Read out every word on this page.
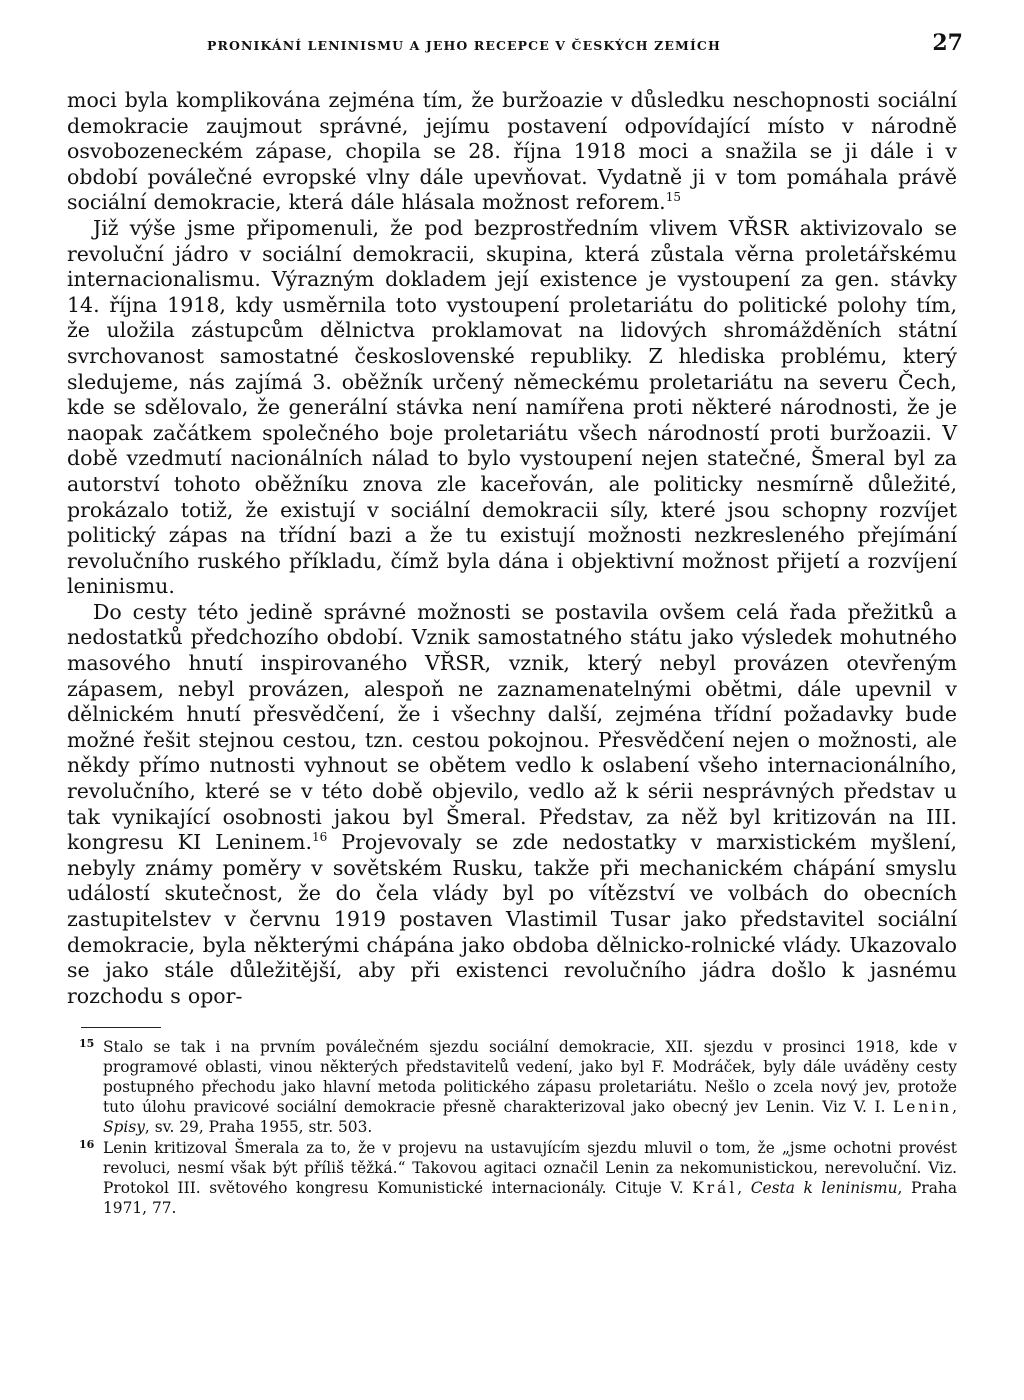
PRONIKÁNÍ LENINISMU A JEHO RECEPCE V ČESKÝCH ZEMÍCH	27

moci byla komplikována zejména tím, že buržoazie v důsledku neschopnosti sociální demokracie zaujmout správné, jejímu postavení odpovídající místo v národně osvobozeneckém zápase, chopila se 28. října 1918 moci a snažila se ji dále i v období poválečné evropské vlny dále upevňovat. Vydatně ji v tom pomáhala právě sociální demokracie, která dále hlásala možnost reforem.$^{15}$

Již výše jsme připomenuli, že pod bezprostředním vlivem VŘSR aktivizovalo se revoluční jádro v sociální demokracii, skupina, která zůstala věrna proletářskému internacionalismu. Výrazným dokladem její existence je vystoupení za gen. stávky 14. října 1918, kdy usměrnila toto vystoupení proletariátu do politické polohy tím, že uložila zástupcům dělnictva proklamovat na lidových shromážděních státní svrchovanost samostatné československé republiky. Z hlediska problému, který sledujeme, nás zajímá 3. oběžník určený německému proletariátu na severu Čech, kde se sdělovalo, že generální stávka není namířena proti některé národnosti, že je naopak začátkem společného boje proletariátu všech národností proti buržoazii. V době vzedmutí nacionálních nálad to bylo vystoupení nejen statečné, Šmeral byl za autorství tohoto oběžníku znova zle kaceřován, ale politicky nesmírně důležité, prokázalo totiž, že existují v sociální demokracii síly, které jsou schopny rozvíjet politický zápas na třídní bazi a že tu existují možnosti nezkresleného přejímání revolučního ruského příkladu, čímž byla dána i objektivní možnost přijetí a rozvíjení leninismu.

Do cesty této jedině správné možnosti se postavila ovšem celá řada přežitků a nedostatků předchozího období. Vznik samostatného státu jako výsledek mohutného masového hnutí inspirovaného VŘSR, vznik, který nebyl provázen otevřeným zápasem, nebyl provázen, alespoň ne zaznamenatelnými obětmi, dále upevnil v dělnickém hnutí přesvědčení, že i všechny další, zejména třídní požadavky bude možné řešit stejnou cestou, tzn. cestou pokojnou. Přesvědčení nejen o možnosti, ale někdy přímo nutnosti vyhnout se obětem vedlo k oslabení všeho internacionálního, revolučního, které se v této době objevilo, vedlo až k sérii nesprávných představ u tak vynikající osobnosti jakou byl Šmeral. Představ, za něž byl kritizován na III. kongresu KI Leninem.$^{16}$ Projevovaly se zde nedostatky v marxistickém myšlení, nebyly známy poměry v sovětském Rusku, takže při mechanickém chápání smyslu událostí skutečnost, že do čela vlády byl po vítězství ve volbách do obecních zastupitelstev v červnu 1919 postaven Vlastimil Tusar jako představitel sociální demokracie, byla některými chápána jako obdoba dělnicko-rolnické vlády. Ukazovalo se jako stále důležitější, aby při existenci revolučního jádra došlo k jasnému rozchodu s opor-

15 Stalo se tak i na prvním poválečném sjezdu sociální demokracie, XII. sjezdu v prosinci 1918, kde v programové oblasti, vinou některých představitelů vedení, jako byl F. Modráček, byly dále uváděny cesty postupného přechodu jako hlavní metoda politického zápasu proletariátu. Nešlo o zcela nový jev, protože tuto úlohu pravicové sociální demokracie přesně charakterizoval jako obecný jev Lenin. Viz V. I. Lenin, Spisy, sv. 29, Praha 1955, str. 503.

16 Lenin kritizoval Šmerala za to, že v projevu na ustavujícím sjezdu mluvil o tom, že „jsme ochotni provést revoluci, nesmí však být příliš těžká.“ Takovou agitaci označil Lenin za nekomunistickou, nerevoluční. Viz. Protokol III. světového kongresu Komunistické internacionály. Cituje V. Král, Cesta k leninismu, Praha 1971, 77.
